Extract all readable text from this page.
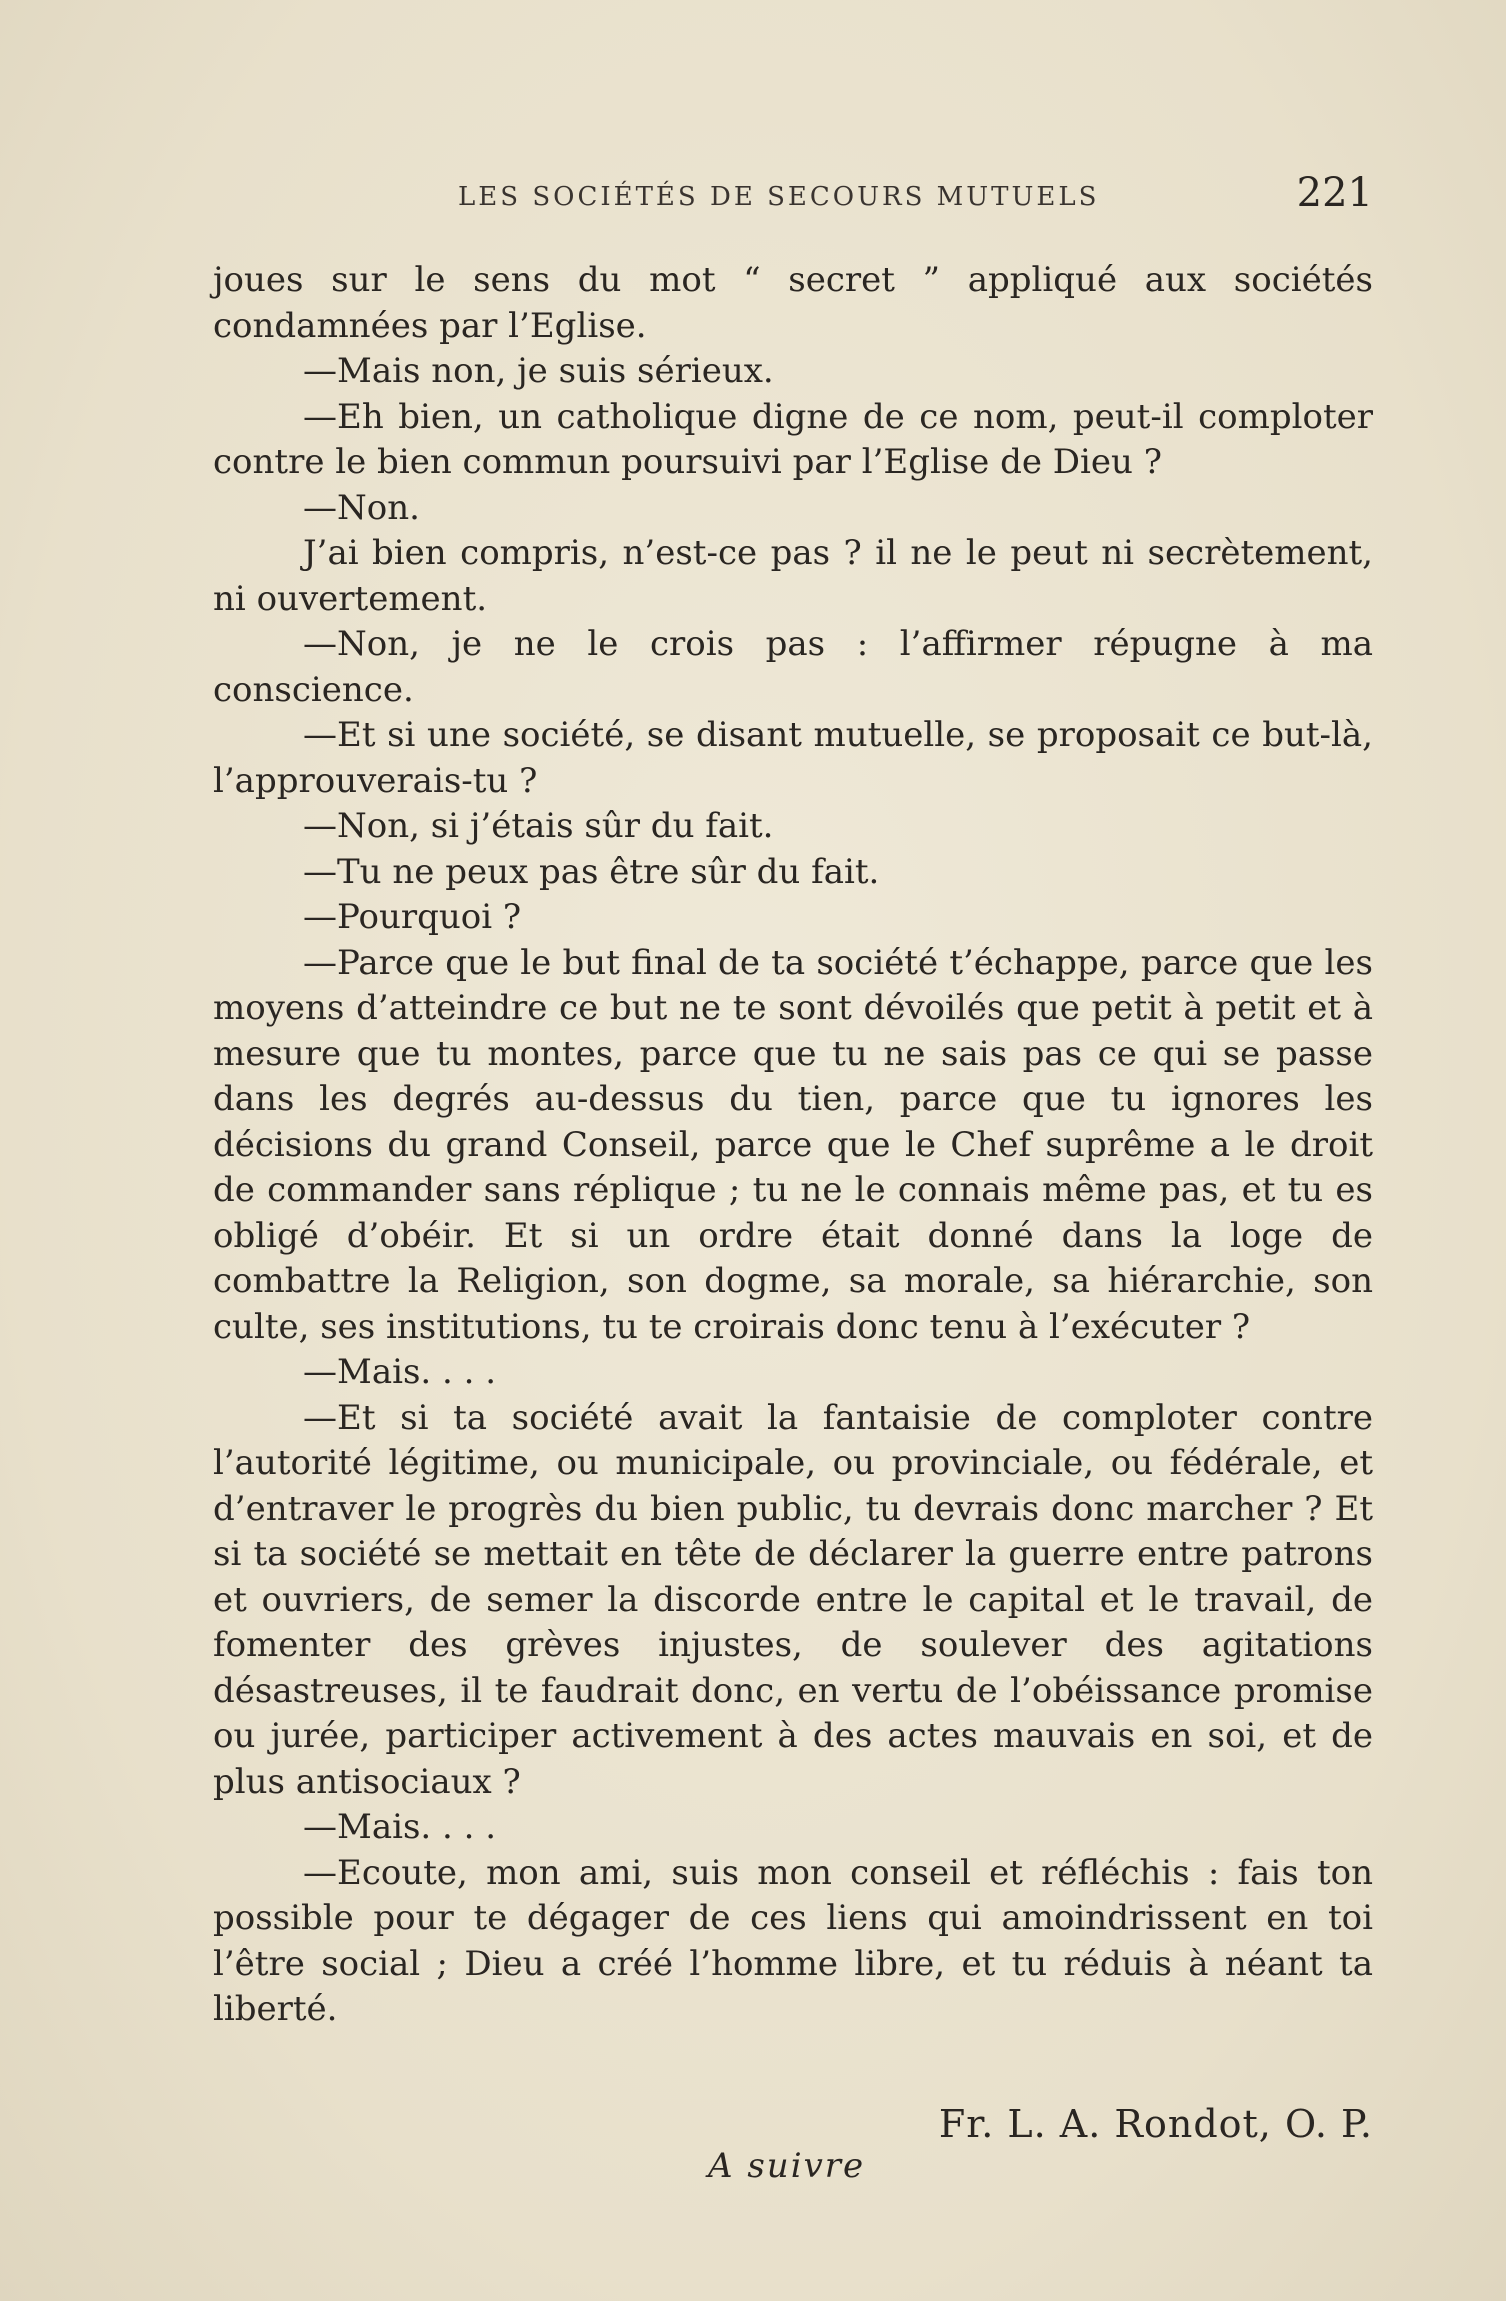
LES SOCIÉTÉS DE SECOURS MUTUELS	221

joues sur le sens du mot “ secret ” appliqué aux sociétés condamnées par l’Eglise.

—Mais non, je suis sérieux.

—Eh bien, un catholique digne de ce nom, peut-il comploter contre le bien commun poursuivi par l’Eglise de Dieu ?

—Non.

J’ai bien compris, n’est-ce pas ? il ne le peut ni secrètement, ni ouvertement.

—Non, je ne le crois pas : l’affirmer répugne à ma conscience.

—Et si une société, se disant mutuelle, se proposait ce but-là, l’approuverais-tu ?

—Non, si j’étais sûr du fait.

—Tu ne peux pas être sûr du fait.

—Pourquoi ?

—Parce que le but final de ta société t’échappe, parce que les moyens d’atteindre ce but ne te sont dévoilés que petit à petit et à mesure que tu montes, parce que tu ne sais pas ce qui se passe dans les degrés au-dessus du tien, parce que tu ignores les décisions du grand Conseil, parce que le Chef suprême a le droit de commander sans réplique ; tu ne le connais même pas, et tu es obligé d’obéir. Et si un ordre était donné dans la loge de combattre la Religion, son dogme, sa morale, sa hiérarchie, son culte, ses institutions, tu te croirais donc tenu à l’exécuter ?

—Mais. . . .

—Et si ta société avait la fantaisie de comploter contre l’autorité légitime, ou municipale, ou provinciale, ou fédérale, et d’entraver le progrès du bien public, tu devrais donc marcher ? Et si ta société se mettait en tête de déclarer la guerre entre patrons et ouvriers, de semer la discorde entre le capital et le travail, de fomenter des grèves injustes, de soulever des agitations désastreuses, il te faudrait donc, en vertu de l’obéissance promise ou jurée, participer activement à des actes mauvais en soi, et de plus antisociaux ?

—Mais. . . .

—Ecoute, mon ami, suis mon conseil et réfléchis : fais ton possible pour te dégager de ces liens qui amoindrissent en toi l’être social ; Dieu a créé l’homme libre, et tu réduis à néant ta liberté.

Fr. L. A. Rondot, O. P.
A suivre
